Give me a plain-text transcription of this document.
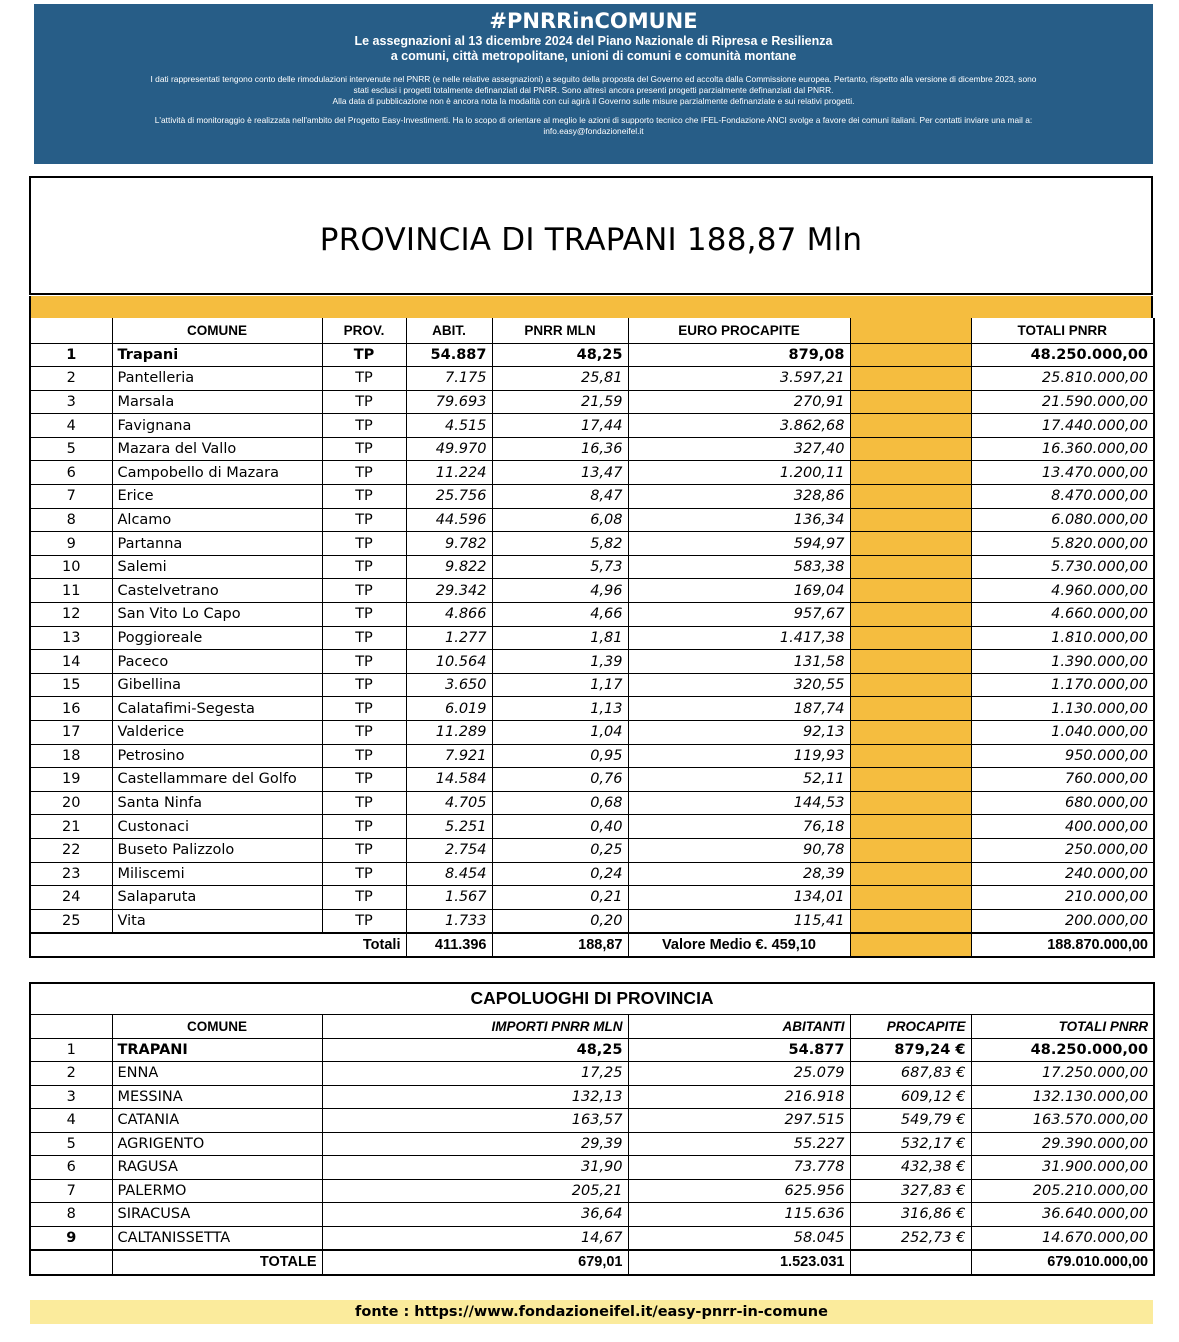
#PNRRinCOMUNE
Le assegnazioni al 13 dicembre 2024 del Piano Nazionale di Ripresa e Resilienza
a comuni, città metropolitane, unioni di comuni e comunità montane
I dati rappresentati tengono conto delle rimodulazioni intervenute nel PNRR (e nelle relative assegnazioni) a seguito della proposta del Governo ed accolta dalla Commissione europea. Pertanto, rispetto alla versione di dicembre 2023, sono
stati esclusi i progetti totalmente definanziati dal PNRR. Sono altresì ancora presenti progetti parzialmente definanziati dal PNRR.
Alla data di pubblicazione non è ancora nota la modalità con cui agirà il Governo sulle misure parzialmente definanziate e sui relativi progetti.
L'attività di monitoraggio è realizzata nell'ambito del Progetto Easy-Investimenti. Ha lo scopo di orientare al meglio le azioni di supporto tecnico che IFEL-Fondazione ANCI svolge a favore dei comuni italiani. Per contatti inviare una mail a:
info.easy@fondazioneifel.it
PROVINCIA DI TRAPANI 188,87 Mln
	COMUNE	PROV.	ABIT.	PNRR MLN	EURO PROCAPITE		TOTALI PNRR
1	Trapani	TP	54.887	48,25	879,08		48.250.000,00
2	Pantelleria	TP	7.175	25,81	3.597,21		25.810.000,00
3	Marsala	TP	79.693	21,59	270,91		21.590.000,00
4	Favignana	TP	4.515	17,44	3.862,68		17.440.000,00
5	Mazara del Vallo	TP	49.970	16,36	327,40		16.360.000,00
6	Campobello di Mazara	TP	11.224	13,47	1.200,11		13.470.000,00
7	Erice	TP	25.756	8,47	328,86		8.470.000,00
8	Alcamo	TP	44.596	6,08	136,34		6.080.000,00
9	Partanna	TP	9.782	5,82	594,97		5.820.000,00
10	Salemi	TP	9.822	5,73	583,38		5.730.000,00
11	Castelvetrano	TP	29.342	4,96	169,04		4.960.000,00
12	San Vito Lo Capo	TP	4.866	4,66	957,67		4.660.000,00
13	Poggioreale	TP	1.277	1,81	1.417,38		1.810.000,00
14	Paceco	TP	10.564	1,39	131,58		1.390.000,00
15	Gibellina	TP	3.650	1,17	320,55		1.170.000,00
16	Calatafimi-Segesta	TP	6.019	1,13	187,74		1.130.000,00
17	Valderice	TP	11.289	1,04	92,13		1.040.000,00
18	Petrosino	TP	7.921	0,95	119,93		950.000,00
19	Castellammare del Golfo	TP	14.584	0,76	52,11		760.000,00
20	Santa Ninfa	TP	4.705	0,68	144,53		680.000,00
21	Custonaci	TP	5.251	0,40	76,18		400.000,00
22	Buseto Palizzolo	TP	2.754	0,25	90,78		250.000,00
23	Miliscemi	TP	8.454	0,24	28,39		240.000,00
24	Salaparuta	TP	1.567	0,21	134,01		210.000,00
25	Vita	TP	1.733	0,20	115,41		200.000,00
		Totali	411.396	188,87	Valore Medio €. 459,10		188.870.000,00
CAPOLUOGHI DI PROVINCIA					
	COMUNE	IMPORTI PNRR MLN	ABITANTI	PROCAPITE	TOTALI PNRR
1	TRAPANI	48,25	54.877	879,24 €	48.250.000,00
2	ENNA	17,25	25.079	687,83 €	17.250.000,00
3	MESSINA	132,13	216.918	609,12 €	132.130.000,00
4	CATANIA	163,57	297.515	549,79 €	163.570.000,00
5	AGRIGENTO	29,39	55.227	532,17 €	29.390.000,00
6	RAGUSA	31,90	73.778	432,38 €	31.900.000,00
7	PALERMO	205,21	625.956	327,83 €	205.210.000,00
8	SIRACUSA	36,64	115.636	316,86 €	36.640.000,00
9	CALTANISSETTA	14,67	58.045	252,73 €	14.670.000,00
	TOTALE	679,01	1.523.031		679.010.000,00
fonte : https://www.fondazioneifel.it/easy-pnrr-in-comune
